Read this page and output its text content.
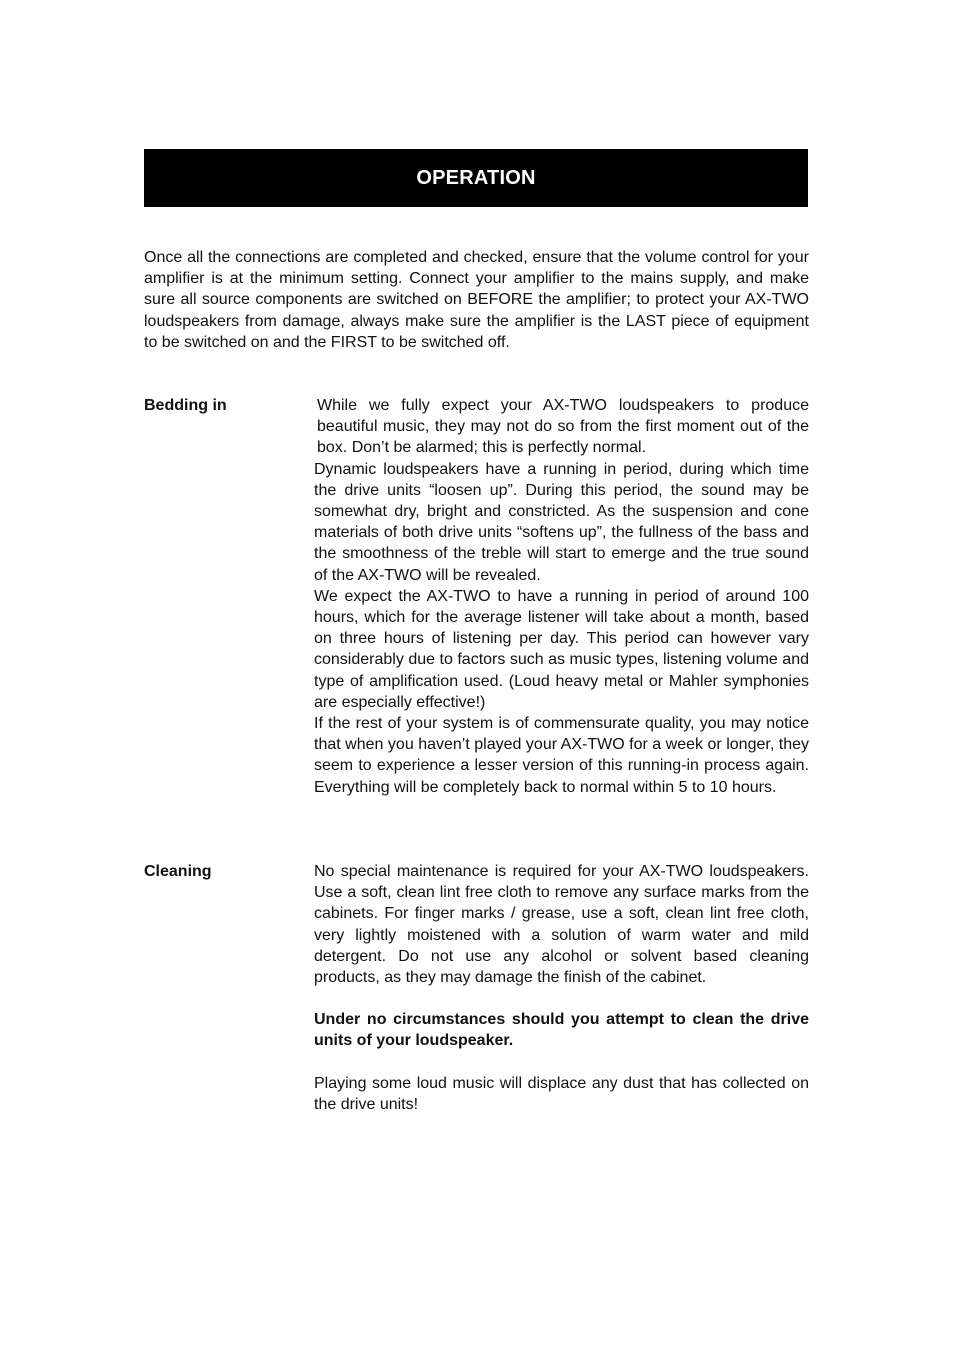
OPERATION

Once all the connections are completed and checked, ensure that the volume control for your amplifier is at the minimum setting. Connect your amplifier to the mains supply, and make sure all source components are switched on BEFORE the amplifier; to protect your AX-TWO loudspeakers from damage, always make sure the amplifier is the LAST piece of equipment to be switched on and the FIRST to be switched off.

Bedding in	While we fully expect your AX-TWO loudspeakers to produce beautiful music, they may not do so from the first moment out of the box. Don’t be alarmed; this is perfectly normal.

Dynamic loudspeakers have a running in period, during which time the drive units “loosen up”. During this period, the sound may be somewhat dry, bright and constricted. As the suspension and cone materials of both drive units “softens up”, the fullness of the bass and the smoothness of the treble will start to emerge and the true sound of the AX-TWO will be revealed.

We expect the AX-TWO to have a running in period of around 100 hours, which for the average listener will take about a month, based on three hours of listening per day. This period can however vary considerably due to factors such as music types, listening volume and type of amplification used. (Loud heavy metal or Mahler symphonies are especially effective!)

If the rest of your system is of commensurate quality, you may notice that when you haven’t played your AX-TWO for a week or longer, they seem to experience a lesser version of this running-in process again. Everything will be completely back to normal within 5 to 10 hours.

Cleaning	No special maintenance is required for your AX-TWO loudspeakers. Use a soft, clean lint free cloth to remove any surface marks from the cabinets. For finger marks / grease, use a soft, clean lint free cloth, very lightly moistened with a solution of warm water and mild detergent. Do not use any alcohol or solvent based cleaning products, as they may damage the finish of the cabinet.

Under no circumstances should you attempt to clean the drive units of your loudspeaker.

Playing some loud music will displace any dust that has collected on the drive units!
